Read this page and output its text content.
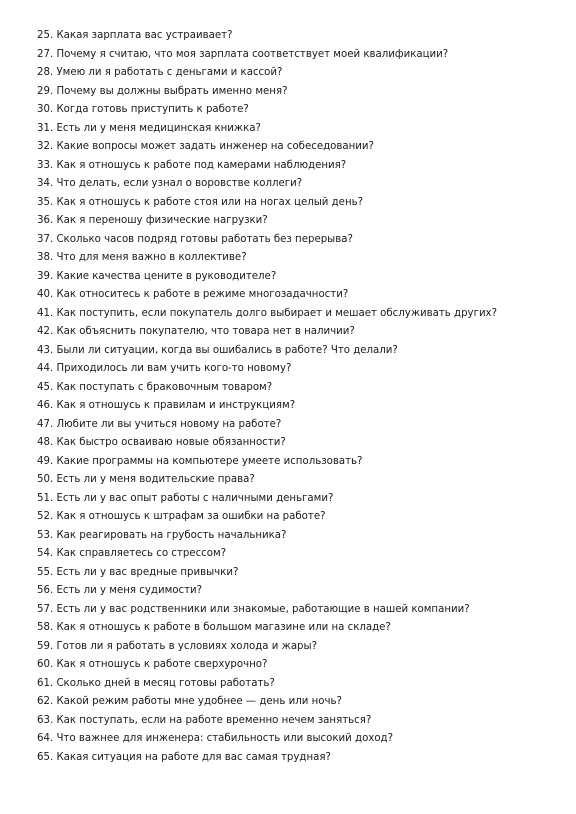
25. Какая зарплата вас устраивает?
27. Почему я считаю, что моя зарплата соответствует моей квалификации?
28. Умею ли я работать с деньгами и кассой?
29. Почему вы должны выбрать именно меня?
30. Когда готовь приступить к работе?
31. Есть ли у меня медицинская книжка?
32. Какие вопросы может задать инженер на собеседовании?
33. Как я отношусь к работе под камерами наблюдения?
34. Что делать, если узнал о воровстве коллеги?
35. Как я отношусь к работе стоя или на ногах целый день?
36. Как я переношу физические нагрузки?
37. Сколько часов подряд готовы работать без перерыва?
38. Что для меня важно в коллективе?
39. Какие качества цените в руководителе?
40. Как относитесь к работе в режиме многозадачности?
41. Как поступить, если покупатель долго выбирает и мешает обслуживать других?
42. Как объяснить покупателю, что товара нет в наличии?
43. Были ли ситуации, когда вы ошибались в работе? Что делали?
44. Приходилось ли вам учить кого-то новому?
45. Как поступать с браковочным товаром?
46. Как я отношусь к правилам и инструкциям?
47. Любите ли вы учиться новому на работе?
48. Как быстро осваиваю новые обязанности?
49. Какие программы на компьютере умеете использовать?
50. Есть ли у меня водительские права?
51. Есть ли у вас опыт работы с наличными деньгами?
52. Как я отношусь к штрафам за ошибки на работе?
53. Как реагировать на грубость начальника?
54. Как справляетесь со стрессом?
55. Есть ли у вас вредные привычки?
56. Есть ли у меня судимости?
57. Есть ли у вас родственники или знакомые, работающие в нашей компании?
58. Как я отношусь к работе в большом магазине или на складе?
59. Готов ли я работать в условиях холода и жары?
60. Как я отношусь к работе сверхурочно?
61. Сколько дней в месяц готовы работать?
62. Какой режим работы мне удобнее — день или ночь?
63. Как поступать, если на работе временно нечем заняться?
64. Что важнее для инженера: стабильность или высокий доход?
65. Какая ситуация на работе для вас самая трудная?
